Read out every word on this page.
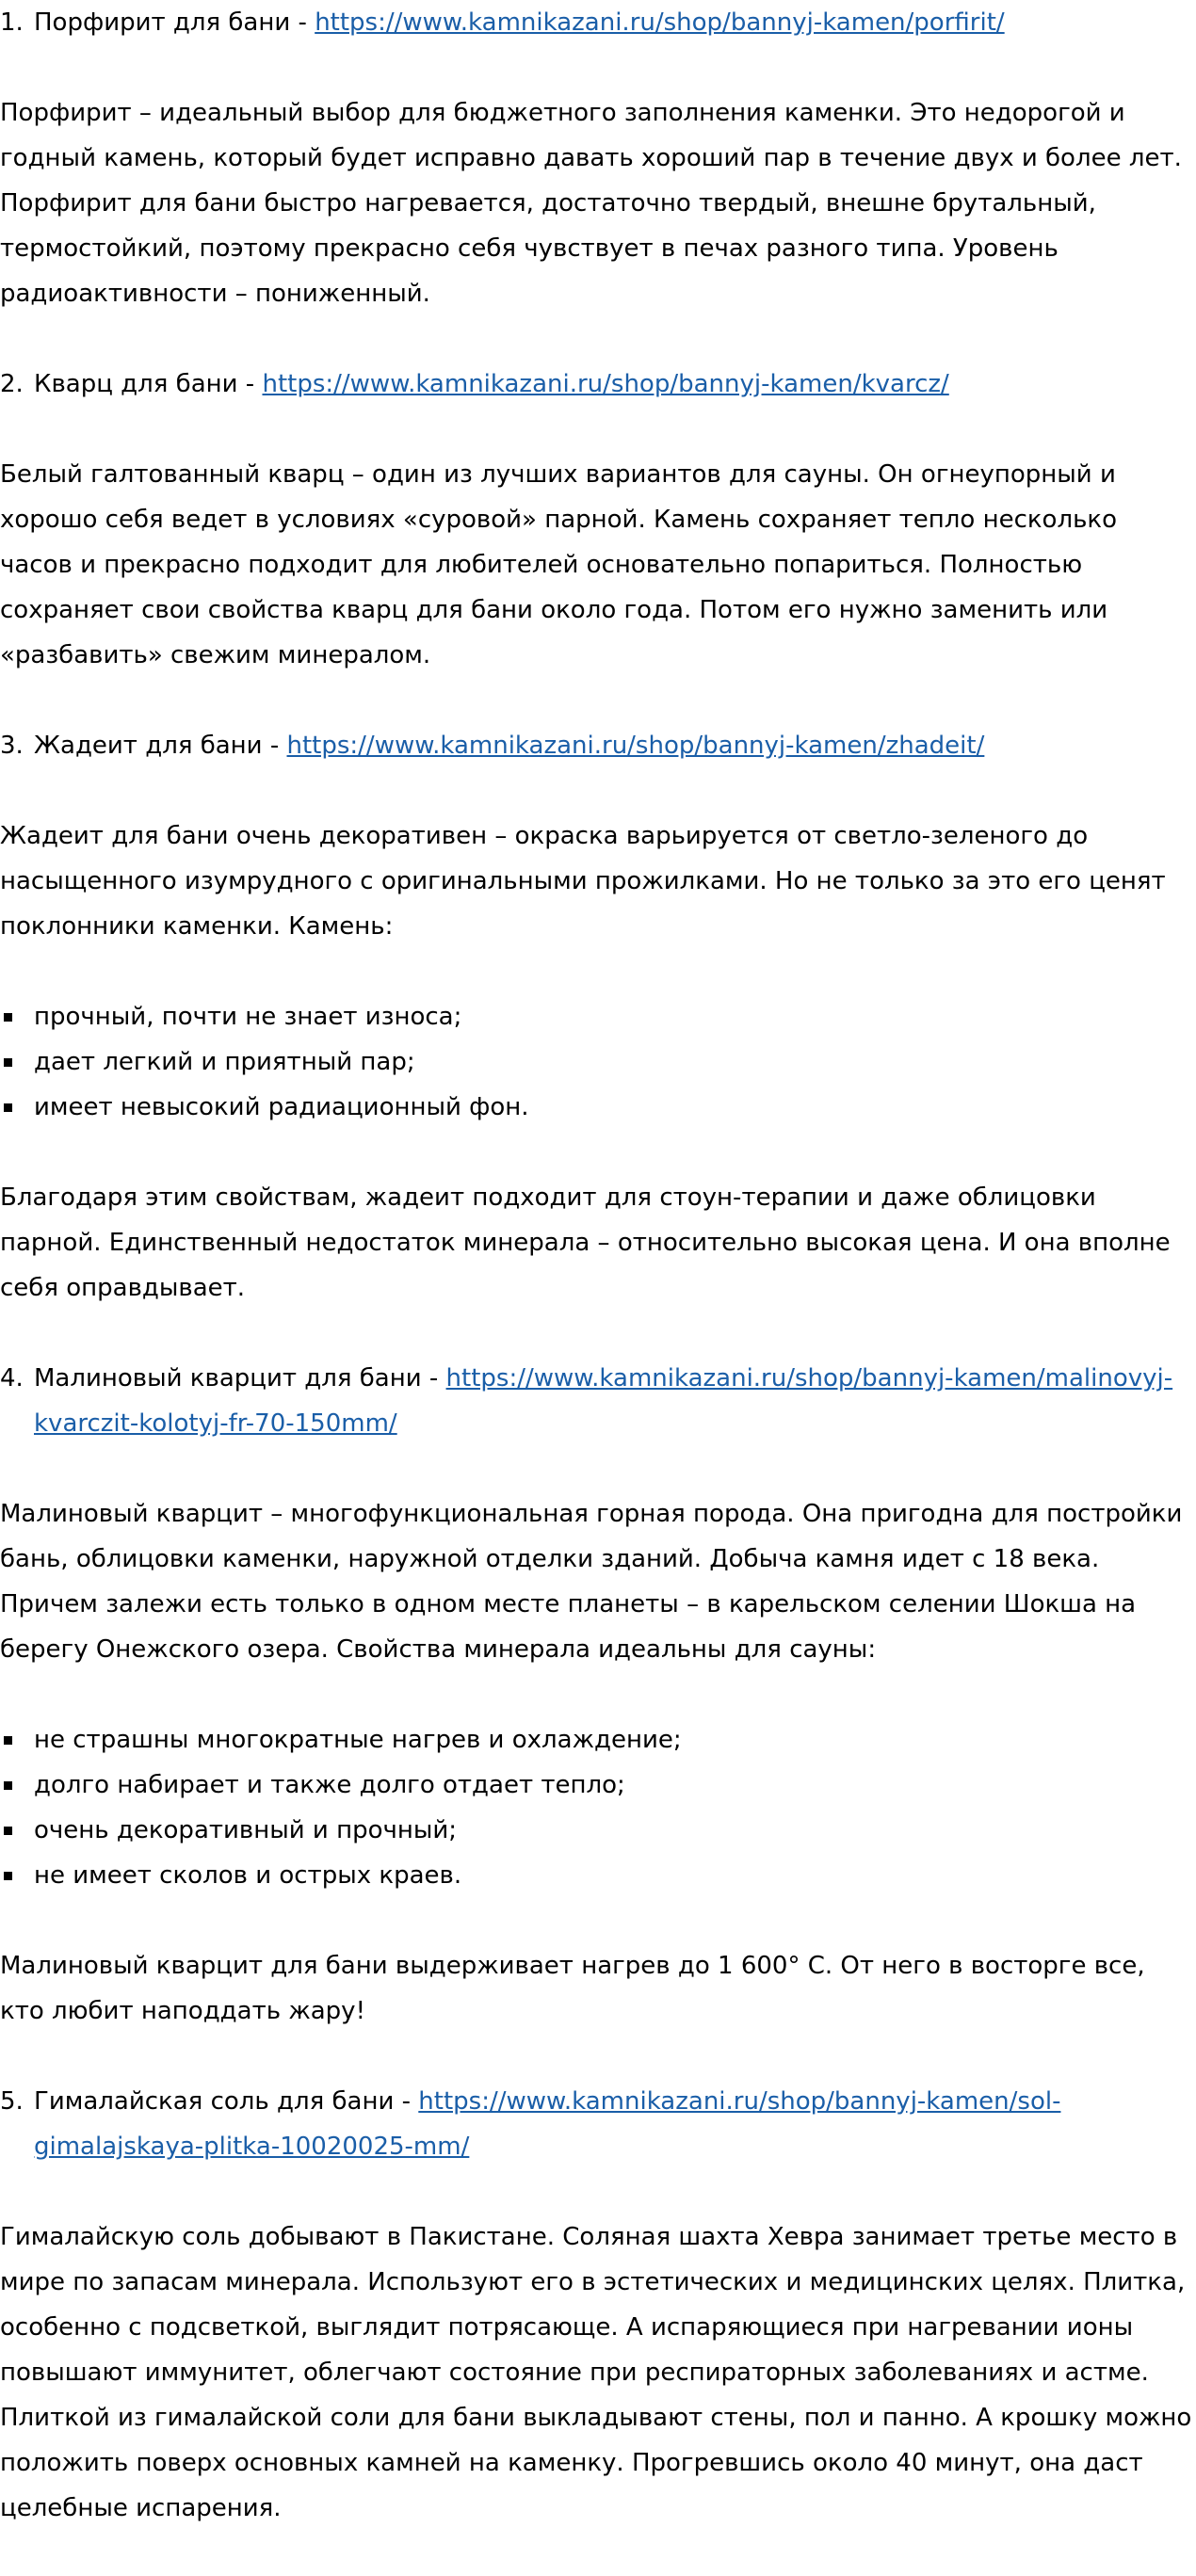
1. Порфирит для бани - https://www.kamnikazani.ru/shop/bannyj-kamen/porfirit/

Порфирит – идеальный выбор для бюджетного заполнения каменки. Это недорогой и годный камень, который будет исправно давать хороший пар в течение двух и более лет. Порфирит для бани быстро нагревается, достаточно твердый, внешне брутальный, термостойкий, поэтому прекрасно себя чувствует в печах разного типа. Уровень радиоактивности – пониженный.

2. Кварц для бани - https://www.kamnikazani.ru/shop/bannyj-kamen/kvarcz/

Белый галтованный кварц – один из лучших вариантов для сауны. Он огнеупорный и хорошо себя ведет в условиях «суровой» парной. Камень сохраняет тепло несколько часов и прекрасно подходит для любителей основательно попариться. Полностью сохраняет свои свойства кварц для бани около года. Потом его нужно заменить или «разбавить» свежим минералом.

3. Жадеит для бани - https://www.kamnikazani.ru/shop/bannyj-kamen/zhadeit/

Жадеит для бани очень декоративен – окраска варьируется от светло-зеленого до насыщенного изумрудного с оригинальными прожилками. Но не только за это его ценят поклонники каменки. Камень:

прочный, почти не знает износа;
дает легкий и приятный пар;
имеет невысокий радиационный фон.

Благодаря этим свойствам, жадеит подходит для стоун-терапии и даже облицовки парной. Единственный недостаток минерала – относительно высокая цена. И она вполне себя оправдывает.

4. Малиновый кварцит для бани - https://www.kamnikazani.ru/shop/bannyj-kamen/malinovyj-kvarczit-kolotyj-fr-70-150mm/

Малиновый кварцит – многофункциональная горная порода. Она пригодна для постройки бань, облицовки каменки, наружной отделки зданий. Добыча камня идет с 18 века. Причем залежи есть только в одном месте планеты – в карельском селении Шокша на берегу Онежского озера. Свойства минерала идеальны для сауны:

не страшны многократные нагрев и охлаждение;
долго набирает и также долго отдает тепло;
очень декоративный и прочный;
не имеет сколов и острых краев.

Малиновый кварцит для бани выдерживает нагрев до 1 600° С. От него в восторге все, кто любит наподдать жару!

5. Гималайская соль для бани - https://www.kamnikazani.ru/shop/bannyj-kamen/sol-gimalajskaya-plitka-10020025-mm/

Гималайскую соль добывают в Пакистане. Соляная шахта Хевра занимает третье место в мире по запасам минерала. Используют его в эстетических и медицинских целях. Плитка, особенно с подсветкой, выглядит потрясающе. А испаряющиеся при нагревании ионы повышают иммунитет, облегчают состояние при респираторных заболеваниях и астме. Плиткой из гималайской соли для бани выкладывают стены, пол и панно. А крошку можно положить поверх основных камней на каменку. Прогревшись около 40 минут, она даст целебные испарения.
